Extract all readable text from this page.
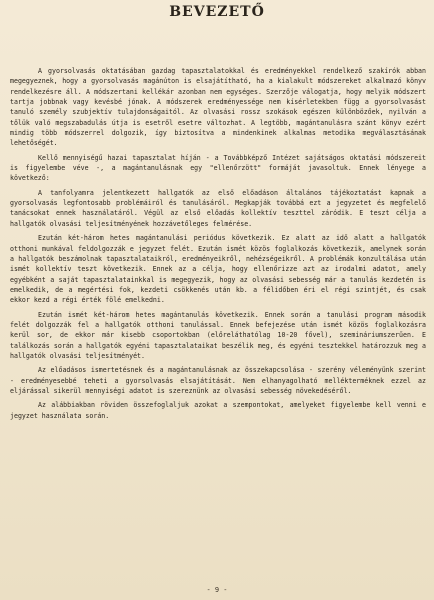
BEVEZETŐ

A gyorsolvasás oktatásában gazdag tapasztalatokkal és eredményekkel rendelkező szakírók abban megegyeznek, hogy a gyorsolvasás magánúton is elsajátítható, ha a kialakult módszereket alkalmazó könyv rendelkezésre áll. A módszertani kellékár azonban nem egységes. Szerzője válogatja, hogy melyik módszert tartja jobbnak vagy kevésbé jónak. A módszerek eredményessége nem kísérletekben függ a gyorsolvasást tanuló személy szubjektív tulajdonságaitól. Az olvasási rossz szokások egészen különbözőek, nyilván a tőlük való megszabadulás útja is esetről esetre változhat. A legtöbb, magántanulásra szánt könyv ezért mindig több módszerrel dolgozik, így biztosítva a mindenkinek alkalmas metodika megválasztásának lehetőségét.

Kellő mennyiségű hazai tapasztalat híján - a Továbbképző Intézet sajátságos oktatási módszereit is figyelembe véve -, a magántanulásnak egy "ellenőrzött" formáját javasoltuk. Ennek lényege a következő:

A tanfolyamra jelentkezett hallgatók az első előadáson általános tájékoztatást kapnak a gyorsolvasás legfontosabb problémáiról és tanulásáról. Megkapják továbbá ezt a jegyzetet és megfelelő tanácsokat ennek használatáról. Végül az első előadás kollektív teszttel záródik. E teszt célja a hallgatók olvasási teljesítményének hozzávetőleges felmérése.

Ezután két-három hetes magántanulási periódus következik. Ez alatt az idő alatt a hallgatók otthoni munkával feldolgozzák e jegyzet felét. Ezután ismét közös foglalkozás következik, amelynek során a hallgatók beszámolnak tapasztalataikról, eredményeikről, nehézségeikről. A problémák konzultálása után ismét kollektív teszt következik. Ennek az a célja, hogy ellenőrizze azt az irodalmi adatot, amely egyébként a saját tapasztalatainkkal is megegyezik, hogy az olvasási sebesség már a tanulás kezdetén is emelkedik, de a megértési fok, kezdeti csökkenés után kb. a félidőben éri el régi szintjét, és csak ekkor kezd a régi érték fölé emelkedni.

Ezután ismét két-három hetes magántanulás következik. Ennek során a tanulási program második felét dolgozzák fel a hallgatók otthoni tanulással. Ennek befejezése után ismét közös foglalkozásra kerül sor, de ekkor már kisebb csoportokban (előreláthatólag 10-20 fővel), szemináriumszerűen. E találkozás során a hallgatók egyéni tapasztalataikat beszélik meg, és egyéni tesztekkel határozzuk meg a hallgatók olvasási teljesítményét.

Az előadásos ismertetésnek és a magántanulásnak az összekapcsolása - szerény véleményünk szerint - eredményesebbé teheti a gyorsolvasás elsajátítását. Nem elhanyagolható mellékterméknek ezzel az eljárással sikerül mennyiségi adatot is szereznünk az olvasási sebesség növekedéséről.

Az alábbiakban röviden összefoglaljuk azokat a szempontokat, amelyeket figyelembe kell venni e jegyzet használata során.

- 9 -
